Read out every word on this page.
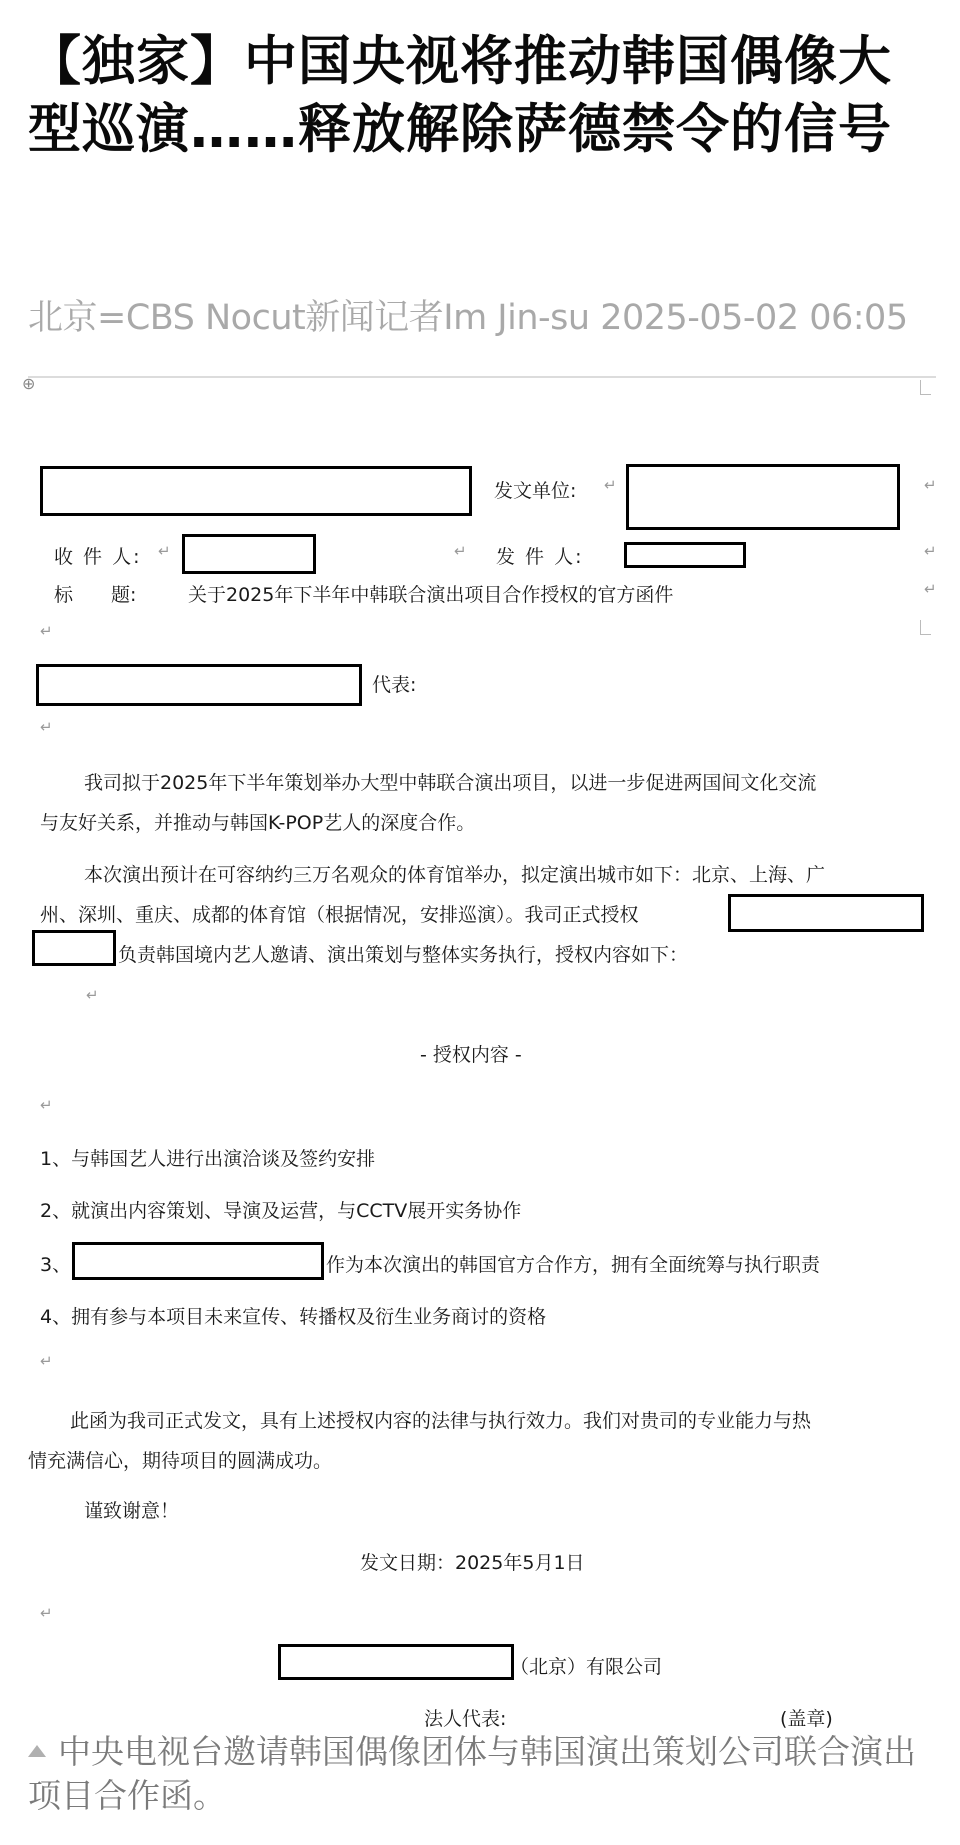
【独家】中国央视将推动韩国偶像大型巡演……释放解除萨德禁令的信号
北京=CBS Nocut新闻记者Im Jin-su 2025-05-02 06:05
⊕
发文单位: ↵	↵
收 件 人: ↵	↵ 发 件 人:	↵
标　　题:	关于2025年下半年中韩联合演出项目合作授权的官方函件	↵
↵
代表:
↵
我司拟于2025年下半年策划举办大型中韩联合演出项目，以进一步促进两国间文化交流
与友好关系，并推动与韩国K-POP艺人的深度合作。
本次演出预计在可容纳约三万名观众的体育馆举办，拟定演出城市如下：北京、上海、广
州、深圳、重庆、成都的体育馆（根据情况，安排巡演）。我司正式授权
负责韩国境内艺人邀请、演出策划与整体实务执行，授权内容如下：
↵
- 授权内容 -
↵
1、与韩国艺人进行出演洽谈及签约安排
2、就演出内容策划、导演及运营，与CCTV展开实务协作
3、	作为本次演出的韩国官方合作方，拥有全面统筹与执行职责
4、拥有参与本项目未来宣传、转播权及衍生业务商讨的资格
↵
此函为我司正式发文，具有上述授权内容的法律与执行效力。我们对贵司的专业能力与热
情充满信心，期待项目的圆满成功。
谨致谢意！
发文日期：2025年5月1日
↵
（北京）有限公司
法人代表:	(盖章)
中央电视台邀请韩国偶像团体与韩国演出策划公司联合演出项目合作函。
